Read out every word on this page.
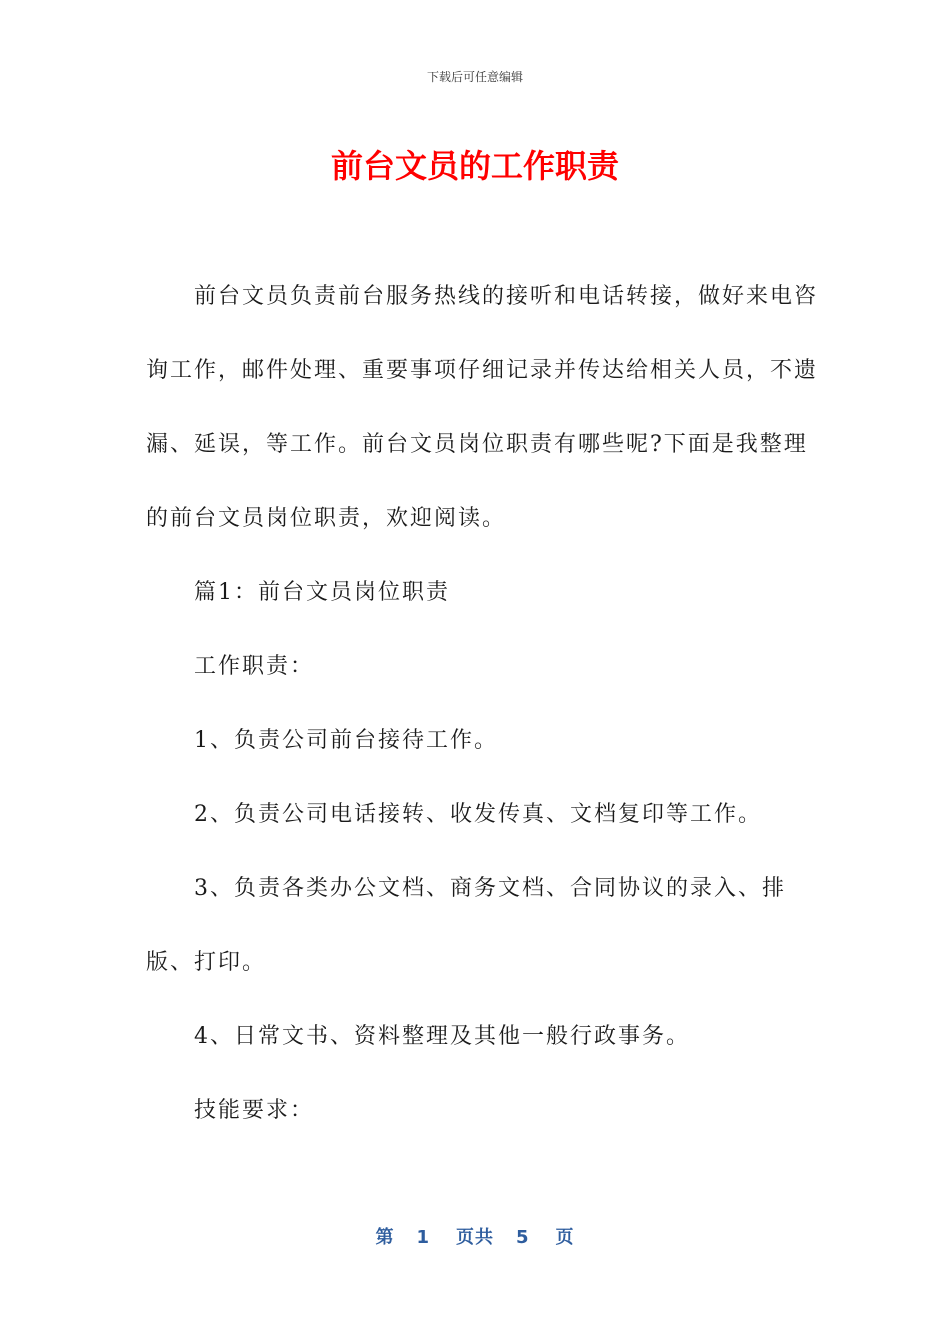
下载后可任意编辑
前台文员的工作职责

前台文员负责前台服务热线的接听和电话转接，做好来电咨询工作，邮件处理、重要事项仔细记录并传达给相关人员，不遗漏、延误，等工作。前台文员岗位职责有哪些呢?下面是我整理的前台文员岗位职责，欢迎阅读。

篇1：前台文员岗位职责

工作职责：

1、负责公司前台接待工作。

2、负责公司电话接转、收发传真、文档复印等工作。

3、负责各类办公文档、商务文档、合同协议的录入、排版、打印。

4、日常文书、资料整理及其他一般行政事务。

技能要求：

第 1 页共 5 页
